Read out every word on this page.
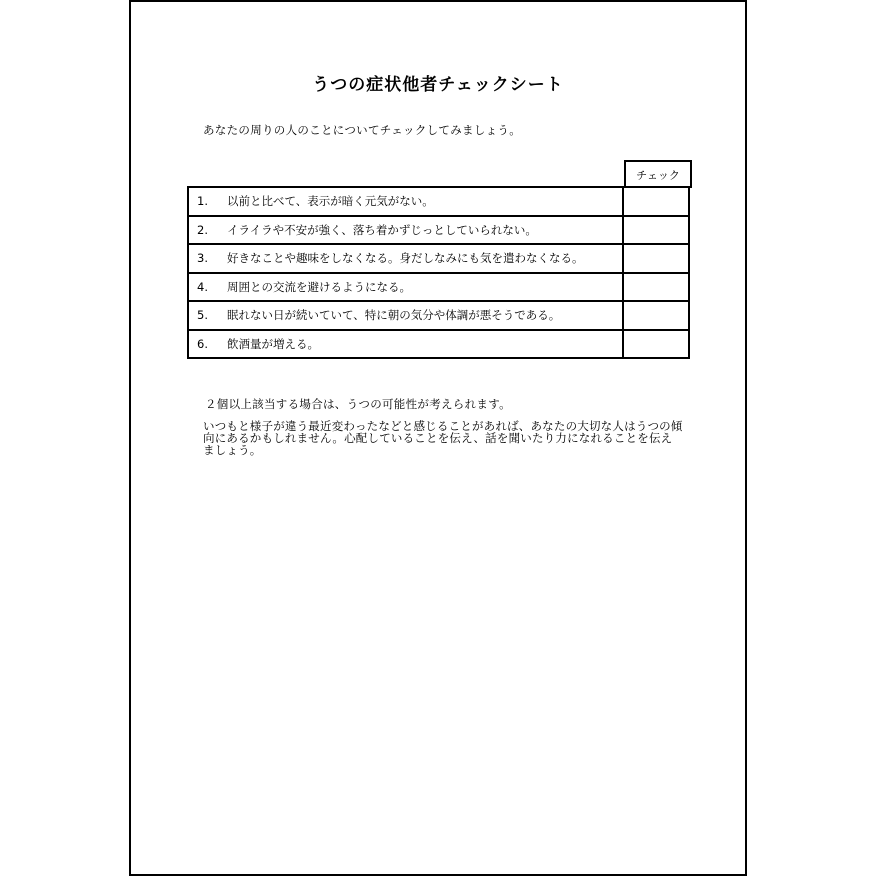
うつの症状他者チェックシート
あなたの周りの人のことについてチェックしてみましょう。
チェック
1. 以前と比べて、表示が暗く元気がない。	
2. イライラや不安が強く、落ち着かずじっとしていられない。	
3. 好きなことや趣味をしなくなる。身だしなみにも気を遣わなくなる。	
4. 周囲との交流を避けるようになる。	
5. 眠れない日が続いていて、特に朝の気分や体調が悪そうである。	
6. 飲酒量が増える。	
２個以上該当する場合は、うつの可能性が考えられます。
いつもと様子が違う最近変わったなどと感じることがあれば、あなたの大切な人はうつの傾向にあるかもしれません。心配していることを伝え、話を聞いたり力になれることを伝えましょう。
